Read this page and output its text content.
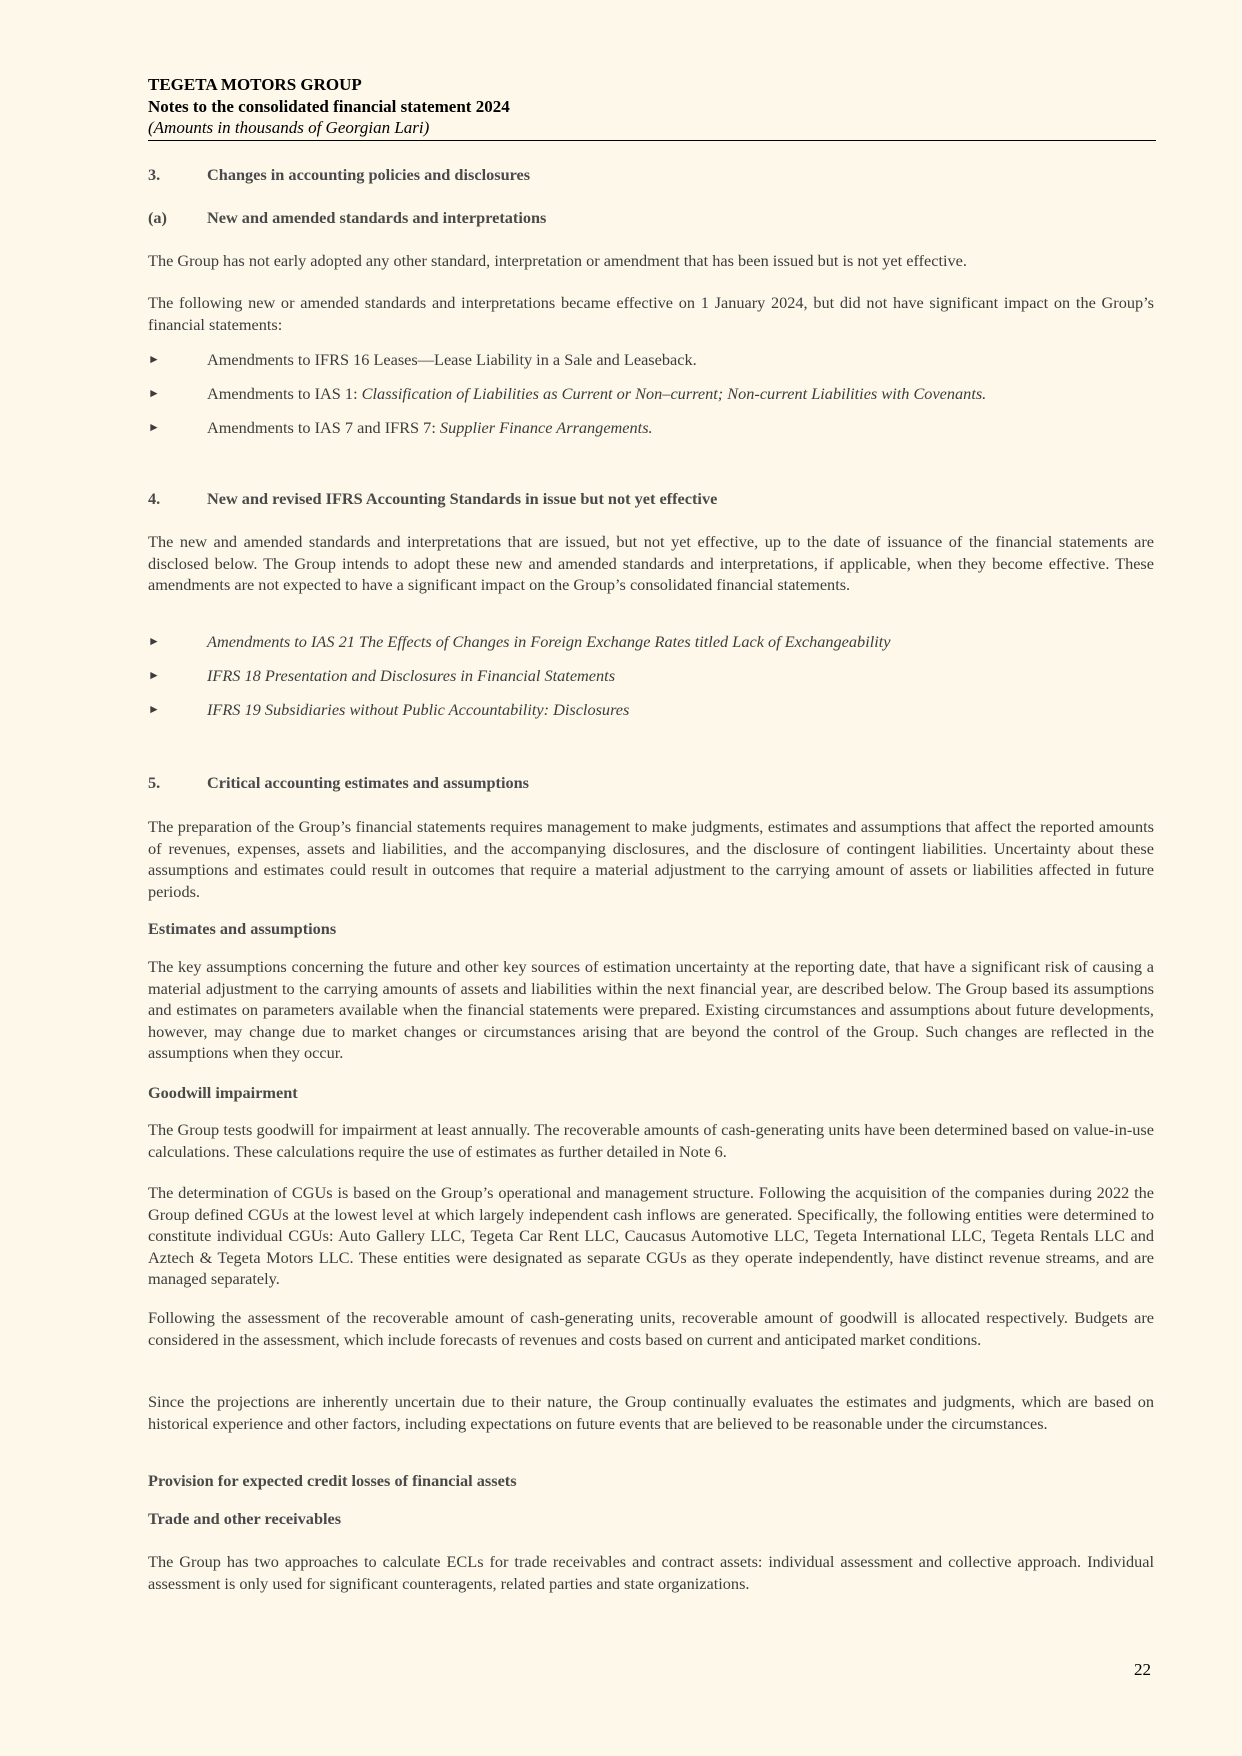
TEGETA MOTORS GROUP
Notes to the consolidated financial statement 2024
(Amounts in thousands of Georgian Lari)
3.	Changes in accounting policies and disclosures
(a) New and amended standards and interpretations
The Group has not early adopted any other standard, interpretation or amendment that has been issued but is not yet effective.
The following new or amended standards and interpretations became effective on 1 January 2024, but did not have significant impact on the Group’s financial statements:
►	Amendments to IFRS 16 Leases—Lease Liability in a Sale and Leaseback.
►	Amendments to IAS 1: Classification of Liabilities as Current or Non–current; Non-current Liabilities with Covenants.
►	Amendments to IAS 7 and IFRS 7: Supplier Finance Arrangements.
4.	New and revised IFRS Accounting Standards in issue but not yet effective
The new and amended standards and interpretations that are issued, but not yet effective, up to the date of issuance of the financial statements are disclosed below. The Group intends to adopt these new and amended standards and interpretations, if applicable, when they become effective. These amendments are not expected to have a significant impact on the Group’s consolidated financial statements.
►	Amendments to IAS 21 The Effects of Changes in Foreign Exchange Rates titled Lack of Exchangeability
►	IFRS 18 Presentation and Disclosures in Financial Statements
►	IFRS 19 Subsidiaries without Public Accountability: Disclosures
5.	Critical accounting estimates and assumptions
The preparation of the Group’s financial statements requires management to make judgments, estimates and assumptions that affect the reported amounts of revenues, expenses, assets and liabilities, and the accompanying disclosures, and the disclosure of contingent liabilities. Uncertainty about these assumptions and estimates could result in outcomes that require a material adjustment to the carrying amount of assets or liabilities affected in future periods.
Estimates and assumptions
The key assumptions concerning the future and other key sources of estimation uncertainty at the reporting date, that have a significant risk of causing a material adjustment to the carrying amounts of assets and liabilities within the next financial year, are described below. The Group based its assumptions and estimates on parameters available when the financial statements were prepared. Existing circumstances and assumptions about future developments, however, may change due to market changes or circumstances arising that are beyond the control of the Group. Such changes are reflected in the assumptions when they occur.
Goodwill impairment
The Group tests goodwill for impairment at least annually. The recoverable amounts of cash-generating units have been determined based on value-in-use calculations. These calculations require the use of estimates as further detailed in Note 6.
The determination of CGUs is based on the Group’s operational and management structure. Following the acquisition of the companies during 2022 the Group defined CGUs at the lowest level at which largely independent cash inflows are generated. Specifically, the following entities were determined to constitute individual CGUs: Auto Gallery LLC, Tegeta Car Rent LLC, Caucasus Automotive LLC, Tegeta International LLC, Tegeta Rentals LLC and Aztech & Tegeta Motors LLC. These entities were designated as separate CGUs as they operate independently, have distinct revenue streams, and are managed separately.
Following the assessment of the recoverable amount of cash-generating units, recoverable amount of goodwill is allocated respectively. Budgets are considered in the assessment, which include forecasts of revenues and costs based on current and anticipated market conditions.
Since the projections are inherently uncertain due to their nature, the Group continually evaluates the estimates and judgments, which are based on historical experience and other factors, including expectations on future events that are believed to be reasonable under the circumstances.
Provision for expected credit losses of financial assets
Trade and other receivables
The Group has two approaches to calculate ECLs for trade receivables and contract assets: individual assessment and collective approach. Individual assessment is only used for significant counteragents, related parties and state organizations.
22
